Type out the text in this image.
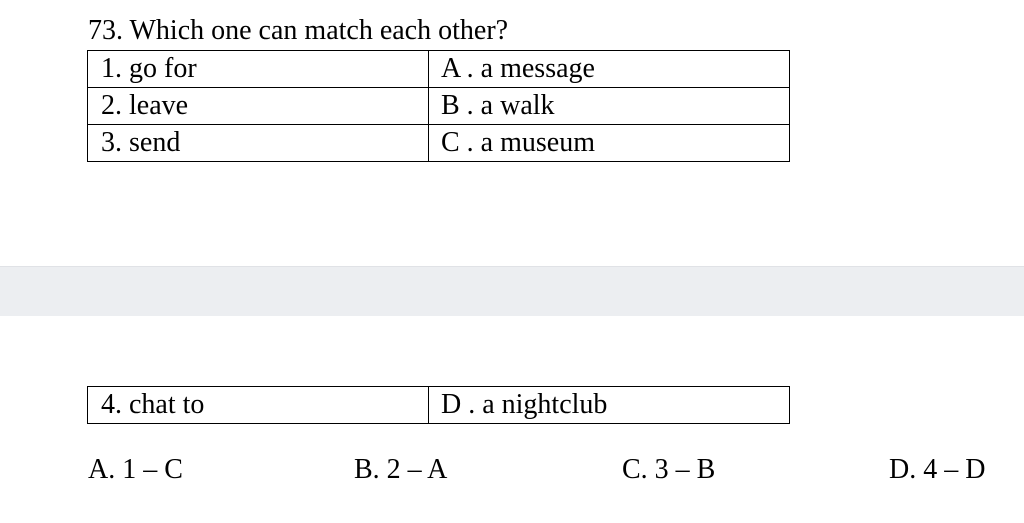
73. Which one can match each other?
1. go for	A . a message
2. leave	B . a walk
3. send	C . a museum
4. chat to	D . a nightclub
A. 1 – C	B. 2 – A	C. 3 – B	D. 4 – D
